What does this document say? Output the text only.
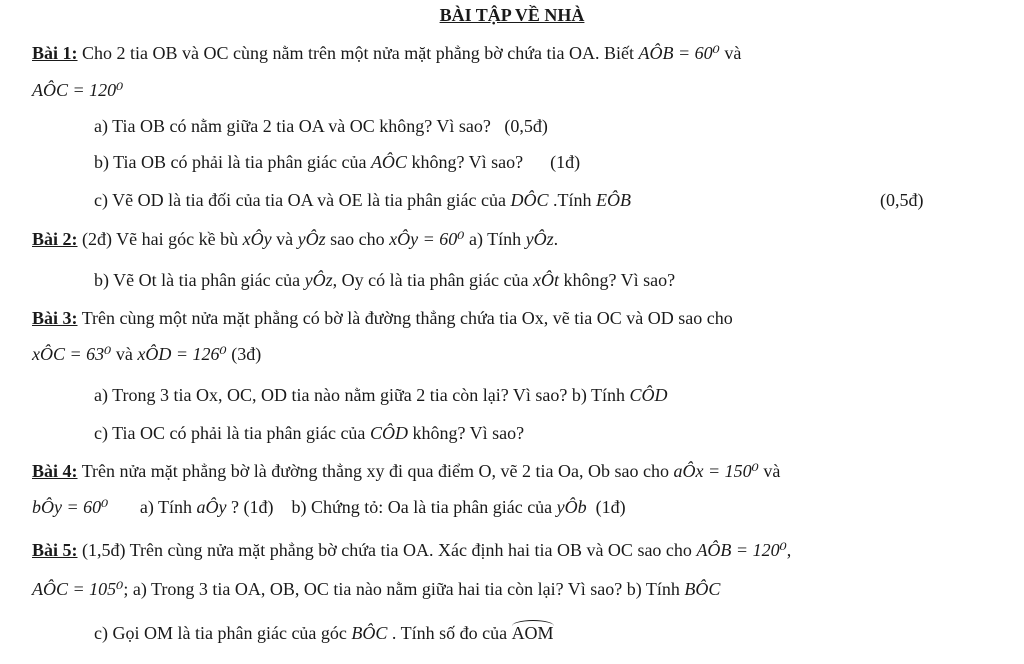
BÀI TẬP VỀ NHÀ
Bài 1: Cho 2 tia OB và OC cùng nằm trên một nửa mặt phẳng bờ chứa tia OA. Biết AÔB = 60⁰ và
AÔC = 120⁰
a) Tia OB có nằm giữa 2 tia OA và OC không? Vì sao? (0,5đ)
b) Tia OB có phải là tia phân giác của AÔC không? Vì sao? (1đ)
c) Vẽ OD là tia đối của tia OA và OE là tia phân giác của DÔC .Tính EÔB	(0,5đ)
Bài 2: (2đ) Vẽ hai góc kề bù xÔy và yÔz sao cho xÔy = 60⁰ a) Tính yÔz.
b) Vẽ Ot là tia phân giác của yÔz, Oy có là tia phân giác của xÔt không? Vì sao?
Bài 3: Trên cùng một nửa mặt phẳng có bờ là đường thẳng chứa tia Ox, vẽ tia OC và OD sao cho
xÔC = 63⁰ và xÔD = 126⁰ (3đ)
a) Trong 3 tia Ox, OC, OD tia nào nằm giữa 2 tia còn lại? Vì sao? b) Tính CÔD
c) Tia OC có phải là tia phân giác của CÔD không? Vì sao?
Bài 4: Trên nửa mặt phẳng bờ là đường thẳng xy đi qua điểm O, vẽ 2 tia Oa, Ob sao cho aÔx = 150⁰ và
bÔy = 60⁰       a) Tính aÔy ? (1đ)    b) Chứng tỏ: Oa là tia phân giác của yÔb  (1đ)
Bài 5: (1,5đ) Trên cùng nửa mặt phẳng bờ chứa tia OA. Xác định hai tia OB và OC sao cho AÔB = 120⁰,
AÔC = 105⁰; a) Trong 3 tia OA, OB, OC tia nào nằm giữa hai tia còn lại? Vì sao? b) Tính BÔC
c) Gọi OM là tia phân giác của góc BÔC . Tính số đo của AOM
